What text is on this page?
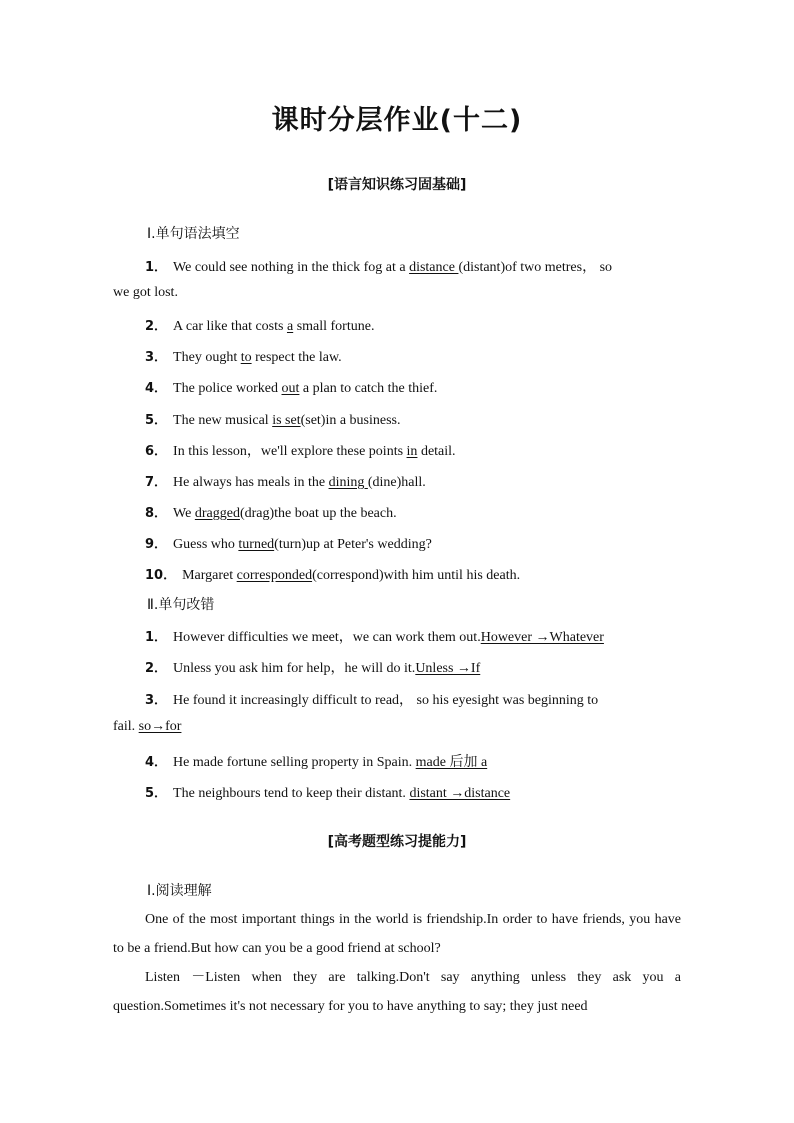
课时分层作业(十二)
[语言知识练习固基础]
Ⅰ.单句语法填空
1． We could see nothing in the thick fog at a distance (distant)of two metres， so
we got lost.
2． A car like that costs a small fortune.
3． They ought to respect the law.
4． The police worked out a plan to catch the thief.
5． The new musical is set(set)in a business.
6． In this lesson，we'll explore these points in detail.
7． He always has meals in the dining (dine)hall.
8． We dragged(drag)the boat up the beach.
9． Guess who turned(turn)up at Peter's wedding?
10． Margaret corresponded(correspond)with him until his death.
Ⅱ.单句改错
1． However difficulties we meet，we can work them out.However →Whatever
2． Unless you ask him for help，he will do it.Unless →If
3． He found it increasingly difficult to read， so his eyesight was beginning to
fail. so→for
4． He made fortune selling property in Spain. made 后加 a
5． The neighbours tend to keep their distant. distant →distance
[高考题型练习提能力]
Ⅰ.阅读理解
One of the most important things in the world is friendship.In order to have friends, you have to be a friend.But how can you be a good friend at school?
Listen －Listen when they are talking.Don't say anything unless they ask you a question.Sometimes it's not necessary for you to have anything to say; they just need
